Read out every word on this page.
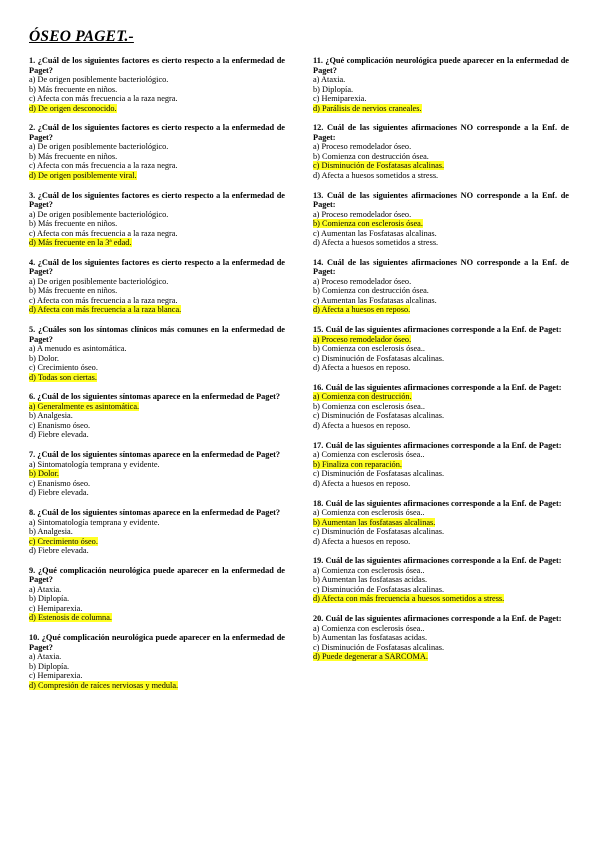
ÓSEO PAGET.-
1. ¿Cuál de los siguientes factores es cierto respecto a la enfermedad de Paget?
a) De origen posiblemente bacteriológico.
b) Más frecuente en niños.
c) Afecta con más frecuencia a la raza negra.
d) De origen desconocido.
2. ¿Cuál de los siguientes factores es cierto respecto a la enfermedad de Paget?
a) De origen posiblemente bacteriológico.
b) Más frecuente en niños.
c) Afecta con más frecuencia a la raza negra.
d) De origen posiblemente viral.
3. ¿Cuál de los siguientes factores es cierto respecto a la enfermedad de Paget?
a) De origen posiblemente bacteriológico.
b) Más frecuente en niños.
c) Afecta con más frecuencia a la raza negra.
d) Más frecuente en la 3ª edad.
4. ¿Cuál de los siguientes factores es cierto respecto a la enfermedad de Paget?
a) De origen posiblemente bacteriológico.
b) Más frecuente en niños.
c) Afecta con más frecuencia a la raza negra.
d) Afecta con más frecuencia a la raza blanca.
5. ¿Cuáles son los síntomas clínicos más comunes en la enfermedad de Paget?
a) A menudo es asintomática.
b) Dolor.
c) Crecimiento óseo.
d) Todas son ciertas.
6. ¿Cuál de los siguientes síntomas aparece en la enfermedad de Paget?
a) Generalmente es asintomática.
b) Analgesia.
c) Enanismo óseo.
d) Fiebre elevada.
7. ¿Cuál de los siguientes síntomas aparece en la enfermedad de Paget?
a) Sintomatología temprana y evidente.
b) Dolor.
c) Enanismo óseo.
d) Fiebre elevada.
8. ¿Cuál de los siguientes síntomas aparece en la enfermedad de Paget?
a) Sintomatología temprana y evidente.
b) Analgesia.
c) Crecimiento óseo.
d) Fiebre elevada.
9. ¿Qué complicación neurológica puede aparecer en la enfermedad de Paget?
a) Ataxia.
b) Diplopía.
c) Hemiparexia.
d) Estenosis de columna.
10. ¿Qué complicación neurológica puede aparecer en la enfermedad de Paget?
a) Ataxia.
b) Diplopía.
c) Hemiparexia.
d) Compresión de raíces nerviosas y medula.
11. ¿Qué complicación neurológica puede aparecer en la enfermedad de Paget?
a) Ataxia.
b) Diplopía.
c) Hemiparexia.
d) Parálisis de nervios craneales.
12. Cuál de las siguientes afirmaciones NO corresponde a la Enf. de Paget:
a) Proceso remodelador óseo.
b) Comienza con destrucción ósea.
c) Disminución de Fosfatasas alcalinas.
d) Afecta a huesos sometidos a stress.
13. Cuál de las siguientes afirmaciones NO corresponde a la Enf. de Paget:
a) Proceso remodelador óseo.
b) Comienza con esclerosis ósea.
c) Aumentan las Fosfatasas alcalinas.
d) Afecta a huesos sometidos a stress.
14. Cuál de las siguientes afirmaciones NO corresponde a la Enf. de Paget:
a) Proceso remodelador óseo.
b) Comienza con destrucción ósea.
c) Aumentan las Fosfatasas alcalinas.
d) Afecta a huesos en reposo.
15. Cuál de las siguientes afirmaciones corresponde a la Enf. de Paget:
a) Proceso remodelador óseo.
b) Comienza con esclerosis ósea..
c) Disminución de Fosfatasas alcalinas.
d) Afecta a huesos en reposo.
16. Cuál de las siguientes afirmaciones corresponde a la Enf. de Paget:
a) Comienza con destrucción.
b) Comienza con esclerosis ósea..
c) Disminución de Fosfatasas alcalinas.
d) Afecta a huesos en reposo.
17. Cuál de las siguientes afirmaciones corresponde a la Enf. de Paget:
a) Comienza con esclerosis ósea..
b) Finaliza con reparación.
c) Disminución de Fosfatasas alcalinas.
d) Afecta a huesos en reposo.
18. Cuál de las siguientes afirmaciones corresponde a la Enf. de Paget:
a) Comienza con esclerosis ósea..
b) Aumentan las fosfatasas alcalinas.
c) Disminución de Fosfatasas alcalinas.
d) Afecta a huesos en reposo.
19. Cuál de las siguientes afirmaciones corresponde a la Enf. de Paget:
a) Comienza con esclerosis ósea..
b) Aumentan las fosfatasas acidas.
c) Disminución de Fosfatasas alcalinas.
d) Afecta con más frecuencia a huesos sometidos a stress.
20. Cuál de las siguientes afirmaciones corresponde a la Enf. de Paget:
a) Comienza con esclerosis ósea..
b) Aumentan las fosfatasas acidas.
c) Disminución de Fosfatasas alcalinas.
d) Puede degenerar a SARCOMA.
